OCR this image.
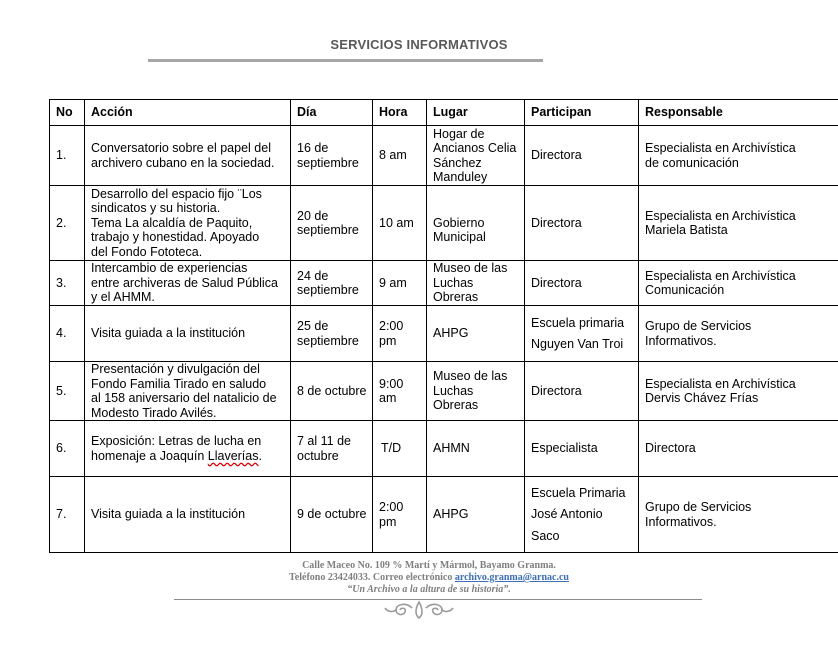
SERVICIOS INFORMATIVOS
No	Acción	Día	Hora	Lugar	Participan	Responsable
1.	Conversatorio sobre el papel del
archivero cubano en la sociedad.	16 de
septiembre	8 am	Hogar de
Ancianos Celia
Sánchez
Manduley	Directora	Especialista en Archivística
de comunicación

2.	Desarrollo del espacio fijo ¨Los
sindicatos y su historia.
Tema La alcaldía de Paquito,
trabajo y honestidad. Apoyado
del Fondo Fototeca.	20 de
septiembre	10 am	Gobierno
Municipal	Directora	Especialista en Archivística
Mariela Batista

3.	Intercambio de experiencias
entre archiveras de Salud Pública
y el AHMM.	24 de
septiembre	9 am	Museo de las
Luchas
Obreras	Directora	Especialista en Archivística
Comunicación

4.	Visita guiada a la institución	25 de
septiembre	2:00
pm	AHPG	Escuela primaria
Nguyen Van Troi	Grupo de Servicios
Informativos.

5.	Presentación y divulgación del
Fondo Familia Tirado en saludo
al 158 aniversario del natalicio de
Modesto Tirado Avilés.	8 de octubre	9:00
am	Museo de las
Luchas
Obreras	Directora	Especialista en Archivística
Dervis Chávez Frías

6.	Exposición: Letras de lucha en
homenaje a Joaquín Llaverías.	7 al 11 de
octubre	T/D	AHMN	Especialista	Directora

7.	Visita guiada a la institución	9 de octubre	2:00
pm	AHPG	Escuela Primaria
José Antonio
Saco	Grupo de Servicios
Informativos.
Calle Maceo No. 109 % Martí y Mármol, Bayamo Granma.
Teléfono 23424033. Correo electrónico archivo.granma@arnac.cu
“Un Archivo a la altura de su historia”.
